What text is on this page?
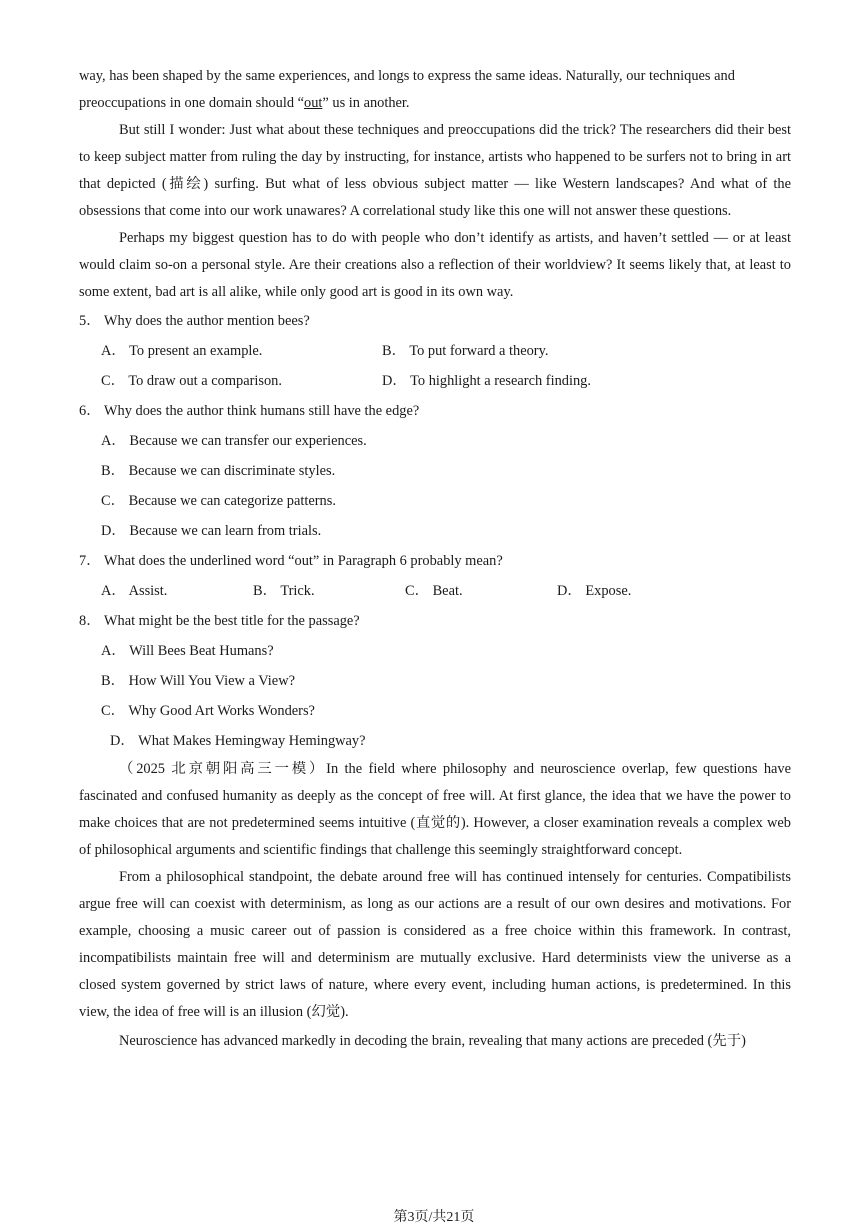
way, has been shaped by the same experiences, and longs to express the same ideas. Naturally, our techniques and
preoccupations in one domain should “out” us in another.

But still I wonder: Just what about these techniques and preoccupations did the trick? The researchers did their best to keep subject matter from ruling the day by instructing, for instance, artists who happened to be surfers not to bring in art that depicted (描绘) surfing. But what of less obvious subject matter — like Western landscapes? And what of the obsessions that come into our work unawares? A correlational study like this one will not answer these questions.

Perhaps my biggest question has to do with people who don’t identify as artists, and haven’t settled — or at least would claim so-on a personal style. Are their creations also a reflection of their worldview? It seems likely that, at least to some extent, bad art is all alike, while only good art is good in its own way.

5． Why does the author mention bees?
A． To present an example.	B． To put forward a theory.
C． To draw out a comparison.	D． To highlight a research finding.
6． Why does the author think humans still have the edge?
A． Because we can transfer our experiences.
B． Because we can discriminate styles.
C． Because we can categorize patterns.
D． Because we can learn from trials.
7． What does the underlined word “out” in Paragraph 6 probably mean?
A． Assist.	B． Trick.	C． Beat.	D． Expose.
8． What might be the best title for the passage?
A． Will Bees Beat Humans?
B． How Will You View a View?
C． Why Good Art Works Wonders?
D． What Makes Hemingway Hemingway?

（2025 北京朝阳高三一模）In the field where philosophy and neuroscience overlap, few questions have fascinated and confused humanity as deeply as the concept of free will. At first glance, the idea that we have the power to make choices that are not predetermined seems intuitive (直觉的). However, a closer examination reveals a complex web of philosophical arguments and scientific findings that challenge this seemingly straightforward concept.

From a philosophical standpoint, the debate around free will has continued intensely for centuries. Compatibilists argue free will can coexist with determinism, as long as our actions are a result of our own desires and motivations. For example, choosing a music career out of passion is considered as a free choice within this framework. In contrast, incompatibilists maintain free will and determinism are mutually exclusive. Hard determinists view the universe as a closed system governed by strict laws of nature, where every event, including human actions, is predetermined. In this view, the idea of free will is an illusion (幻觉).

Neuroscience has advanced markedly in decoding the brain, revealing that many actions are preceded (先于)

第3页/共21页
